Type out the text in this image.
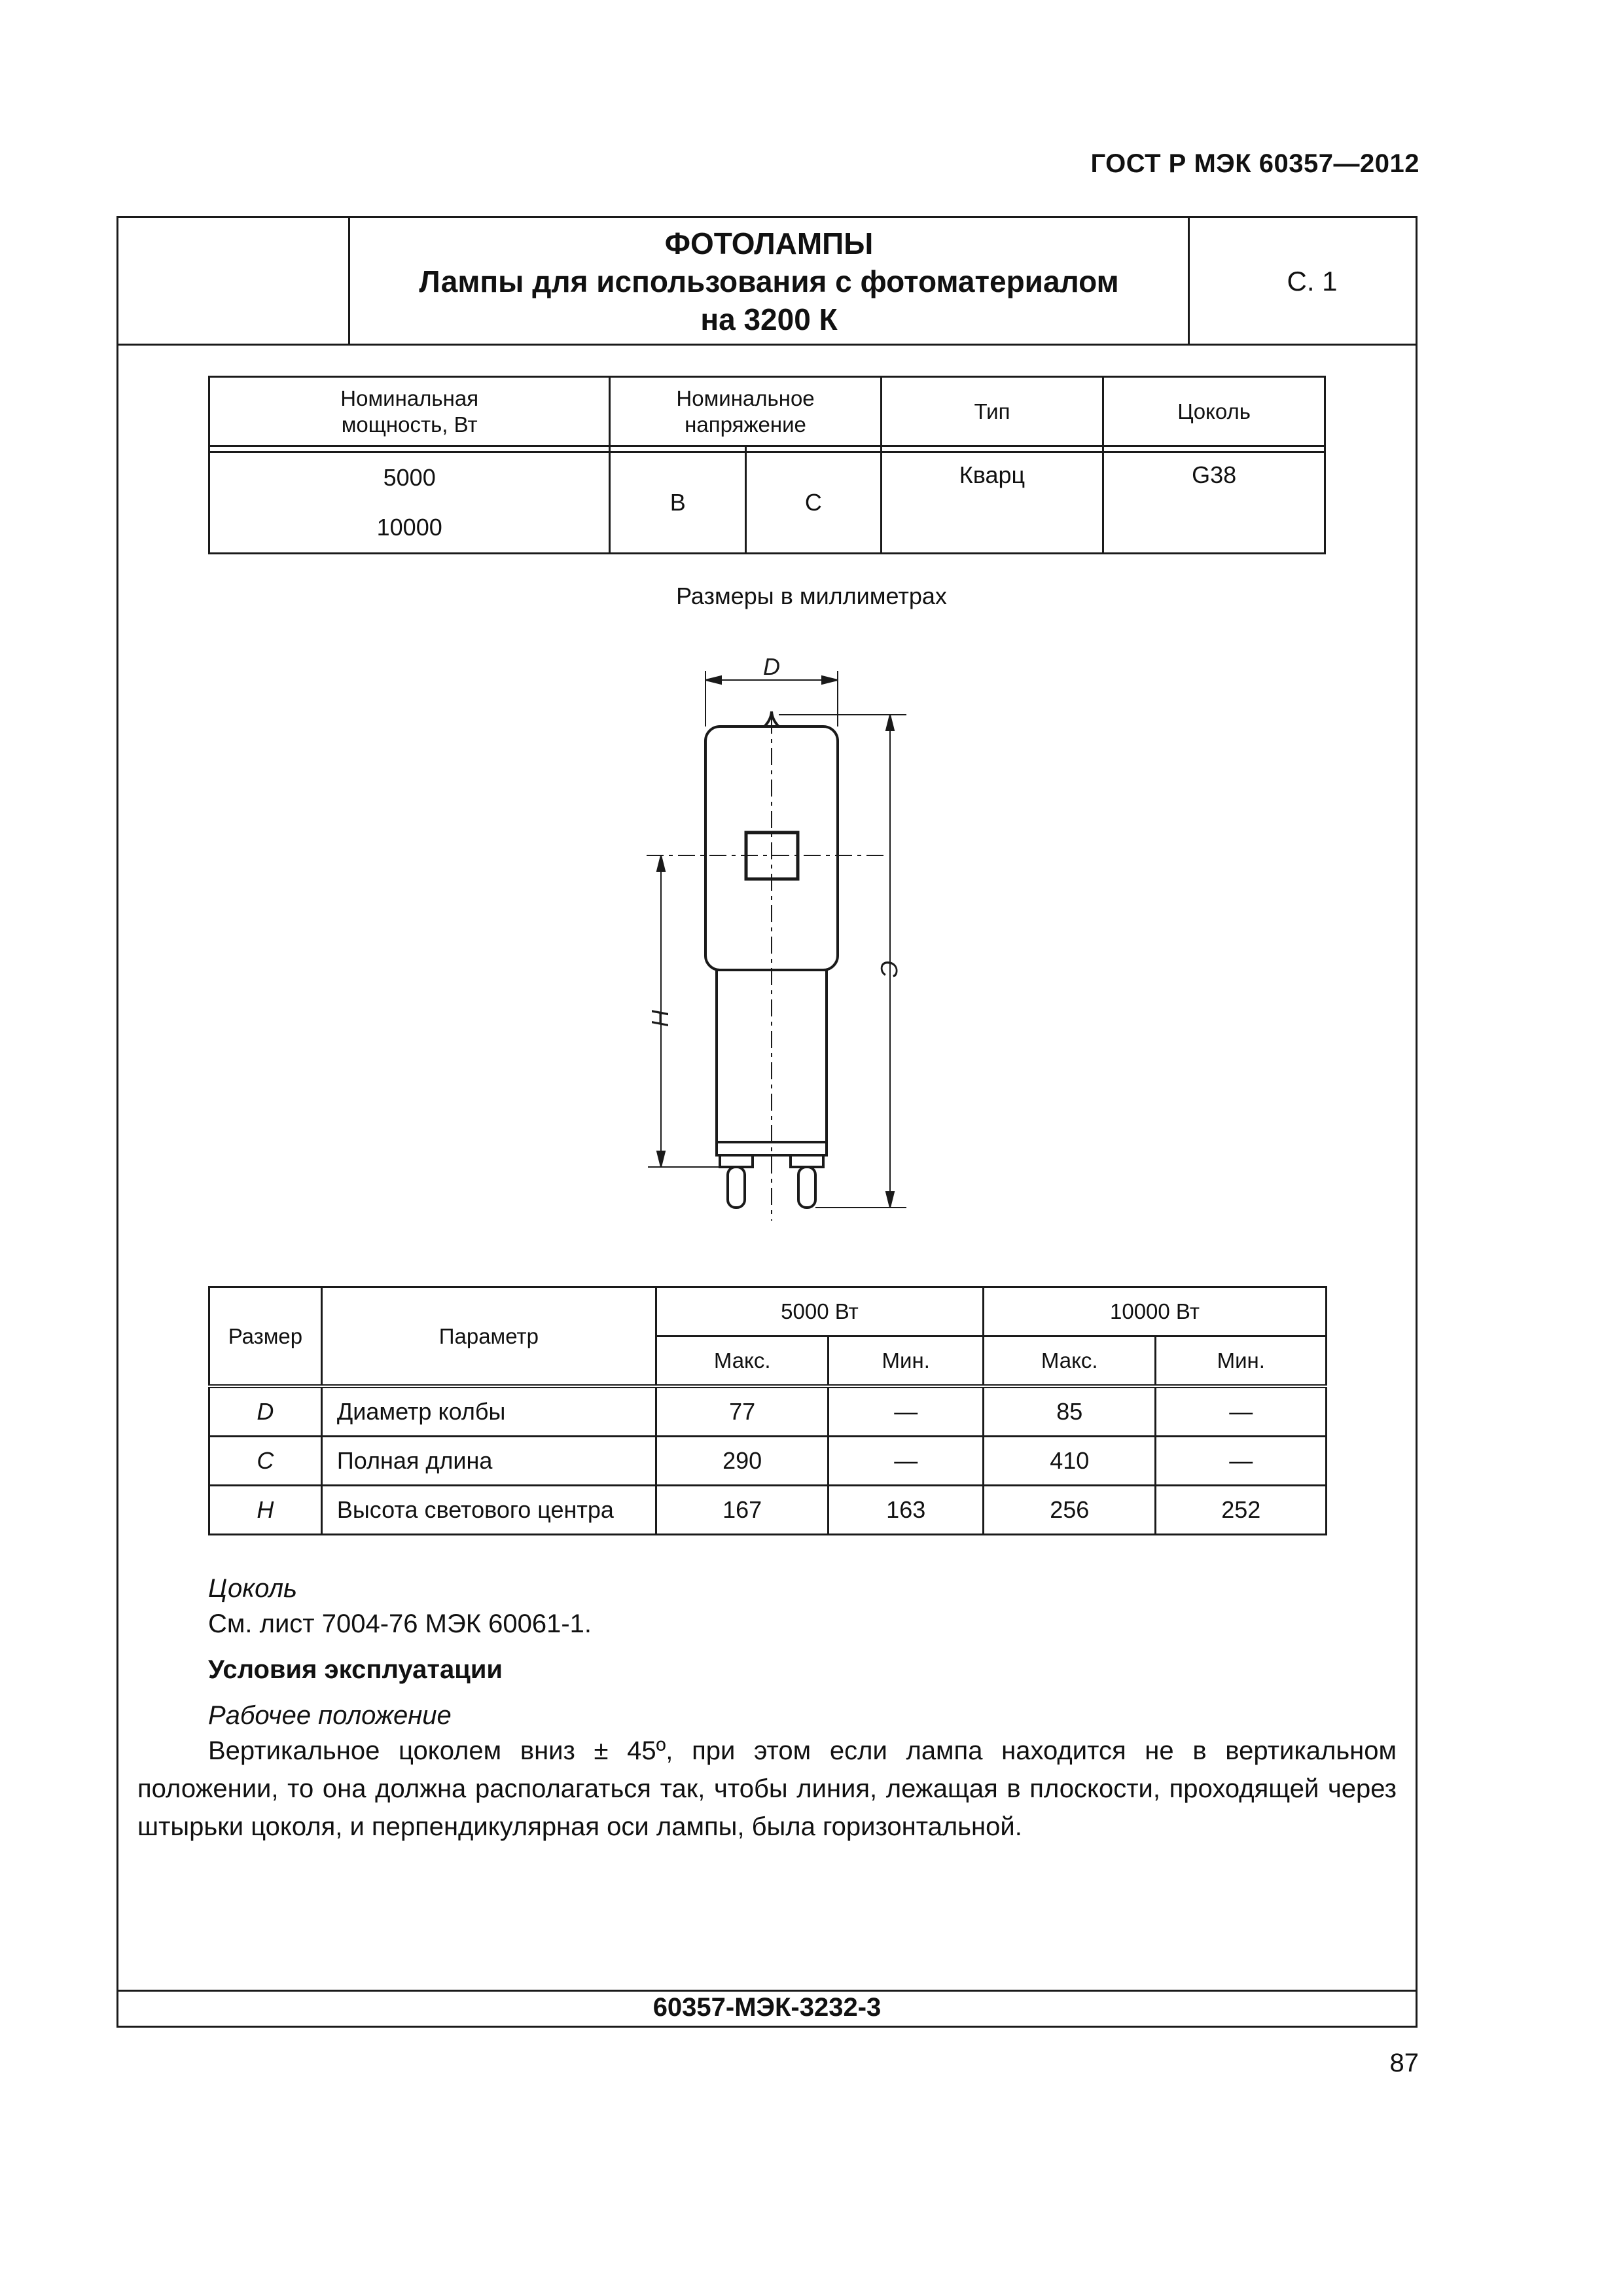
ГОСТ Р МЭК 60357—2012
ФОТОЛАМПЫ
Лампы для использования с фотоматериалом
на 3200 К
С. 1
Номинальная мощность, Вт	Номинальное напряжение		Тип	Цоколь

5000
10000	B	C	Кварц	G38
Размеры в миллиметрах
D
C
H
Размер	Параметр	5000 Вт		10000 Вт	
		Макс.	Мин.	Макс.	Мин.
D	Диаметр колбы	77	—	85	—
C	Полная длина	290	—	410	—
H	Высота светового центра	167	163	256	252
Цоколь
См. лист 7004-76 МЭК 60061-1.
Условия эксплуатации
Рабочее положение
Вертикальное цоколем вниз ± 45º, при этом если лампа находится не в вертикальном положении, то она должна располагаться так, чтобы линия, лежащая в плоскости, проходящей через штырьки цоколя, и перпендикулярная оси лампы, была горизонтальной.
60357-МЭК-3232-3
87
